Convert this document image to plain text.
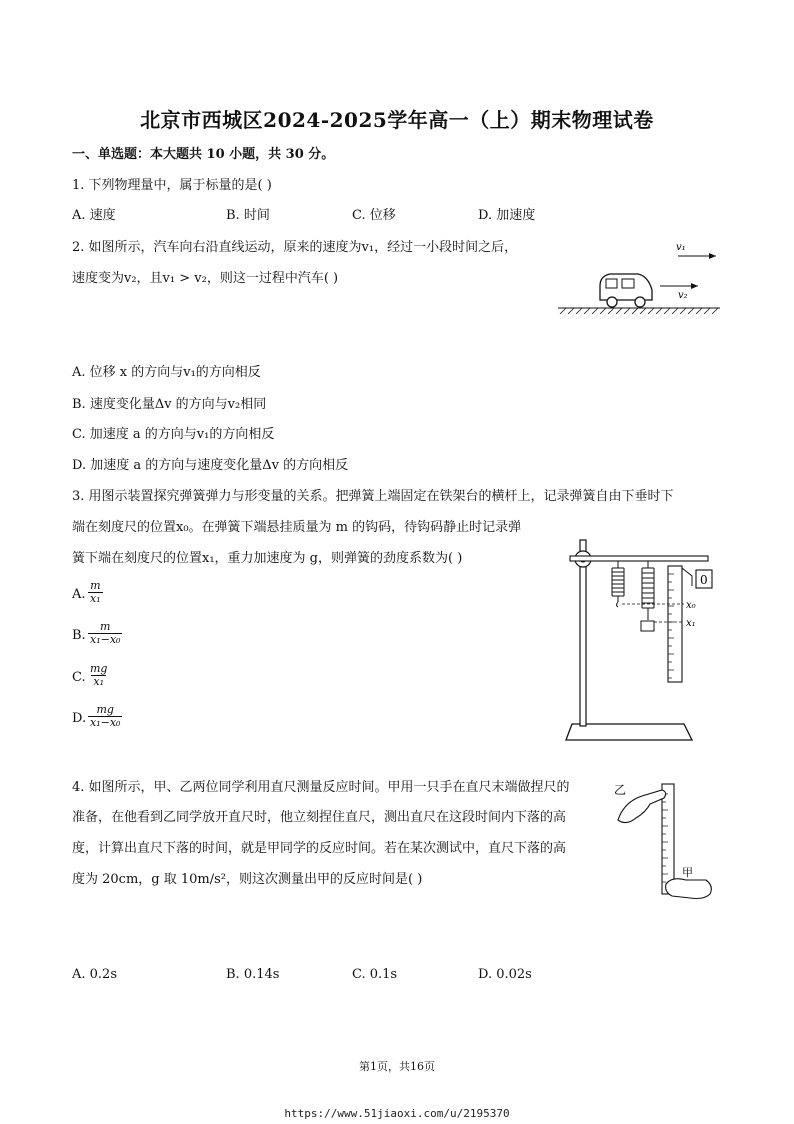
北京市西城区2024-2025学年高一（上）期末物理试卷
一、单选题：本大题共 10 小题，共 30 分。
1. 下列物理量中，属于标量的是( )
A. 速度	B. 时间	C. 位移	D. 加速度
2. 如图所示，汽车向右沿直线运动，原来的速度为v₁，经过一小段时间之后，
速度变为v₂，且v₁ > v₂，则这一过程中汽车( )
v₁
v₂
A. 位移 x 的方向与v₁的方向相反
B. 速度变化量Δv 的方向与v₂相同
C. 加速度 a 的方向与v₁的方向相反
D. 加速度 a 的方向与速度变化量Δv 的方向相反
3. 用图示装置探究弹簧弹力与形变量的关系。把弹簧上端固定在铁架台的横杆上，记录弹簧自由下垂时下
端在刻度尺的位置x₀。在弹簧下端悬挂质量为 m 的钩码，待钩码静止时记录弹
簧下端在刻度尺的位置x₁，重力加速度为 g，则弹簧的劲度系数为( )
A. $\frac{m}{\text{x₁}}$
B. $\frac{m}{\text{x₁−x₀}}$
C. $\frac{mg}{\text{x₁}}$
D. $\frac{mg}{\text{x₁−x₀}}$
0
x₀
x₁
4. 如图所示，甲、乙两位同学利用直尺测量反应时间。甲用一只手在直尺末端做捏尺的
准备，在他看到乙同学放开直尺时，他立刻捏住直尺，测出直尺在这段时间内下落的高
度，计算出直尺下落的时间，就是甲同学的反应时间。若在某次测试中，直尺下落的高
度为 20cm，g 取 10m/s²，则这次测量出甲的反应时间是( )
乙
甲
A. 0.2s	B. 0.14s	C. 0.1s	D. 0.02s
第1页，共16页
https://www.51jiaoxi.com/u/2195370
